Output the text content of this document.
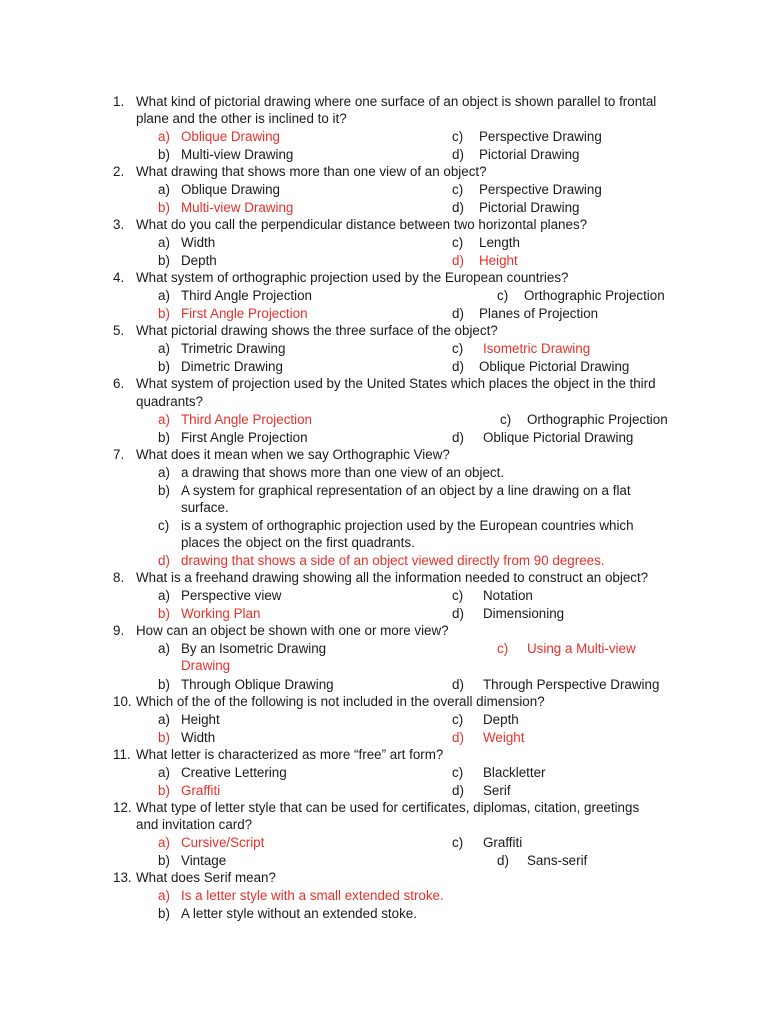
1. What kind of pictorial drawing where one surface of an object is shown parallel to frontal
plane and the other is inclined to it?
a) Oblique Drawing	c) Perspective Drawing
b) Multi-view Drawing	d) Pictorial Drawing
2. What drawing that shows more than one view of an object?
a) Oblique Drawing	c) Perspective Drawing
b) Multi-view Drawing	d) Pictorial Drawing
3. What do you call the perpendicular distance between two horizontal planes?
a) Width	c) Length
b) Depth	d) Height
4. What system of orthographic projection used by the European countries?
a) Third Angle Projection	c) Orthographic Projection
b) First Angle Projection	d) Planes of Projection
5. What pictorial drawing shows the three surface of the object?
a) Trimetric Drawing	c) Isometric Drawing
b) Dimetric Drawing	d) Oblique Pictorial Drawing
6. What system of projection used by the United States which places the object in the third
quadrants?
a) Third Angle Projection	c) Orthographic Projection
b) First Angle Projection	d) Oblique Pictorial Drawing
7. What does it mean when we say Orthographic View?
a) a drawing that shows more than one view of an object.
b) A system for graphical representation of an object by a line drawing on a flat
surface.
c) is a system of orthographic projection used by the European countries which
places the object on the first quadrants.
d) drawing that shows a side of an object viewed directly from 90 degrees.
8. What is a freehand drawing showing all the information needed to construct an object?
a) Perspective view	c) Notation
b) Working Plan	d) Dimensioning
9. How can an object be shown with one or more view?
a) By an Isometric Drawing	c) Using a Multi-view
Drawing
b) Through Oblique Drawing	d) Through Perspective Drawing
10. Which of the of the following is not included in the overall dimension?
a) Height	c) Depth
b) Width	d) Weight
11. What letter is characterized as more “free” art form?
a) Creative Lettering	c) Blackletter
b) Graffiti	d) Serif
12. What type of letter style that can be used for certificates, diplomas, citation, greetings
and invitation card?
a) Cursive/Script	c) Graffiti
b) Vintage	d) Sans-serif
13. What does Serif mean?
a) Is a letter style with a small extended stroke.
b) A letter style without an extended stoke.
